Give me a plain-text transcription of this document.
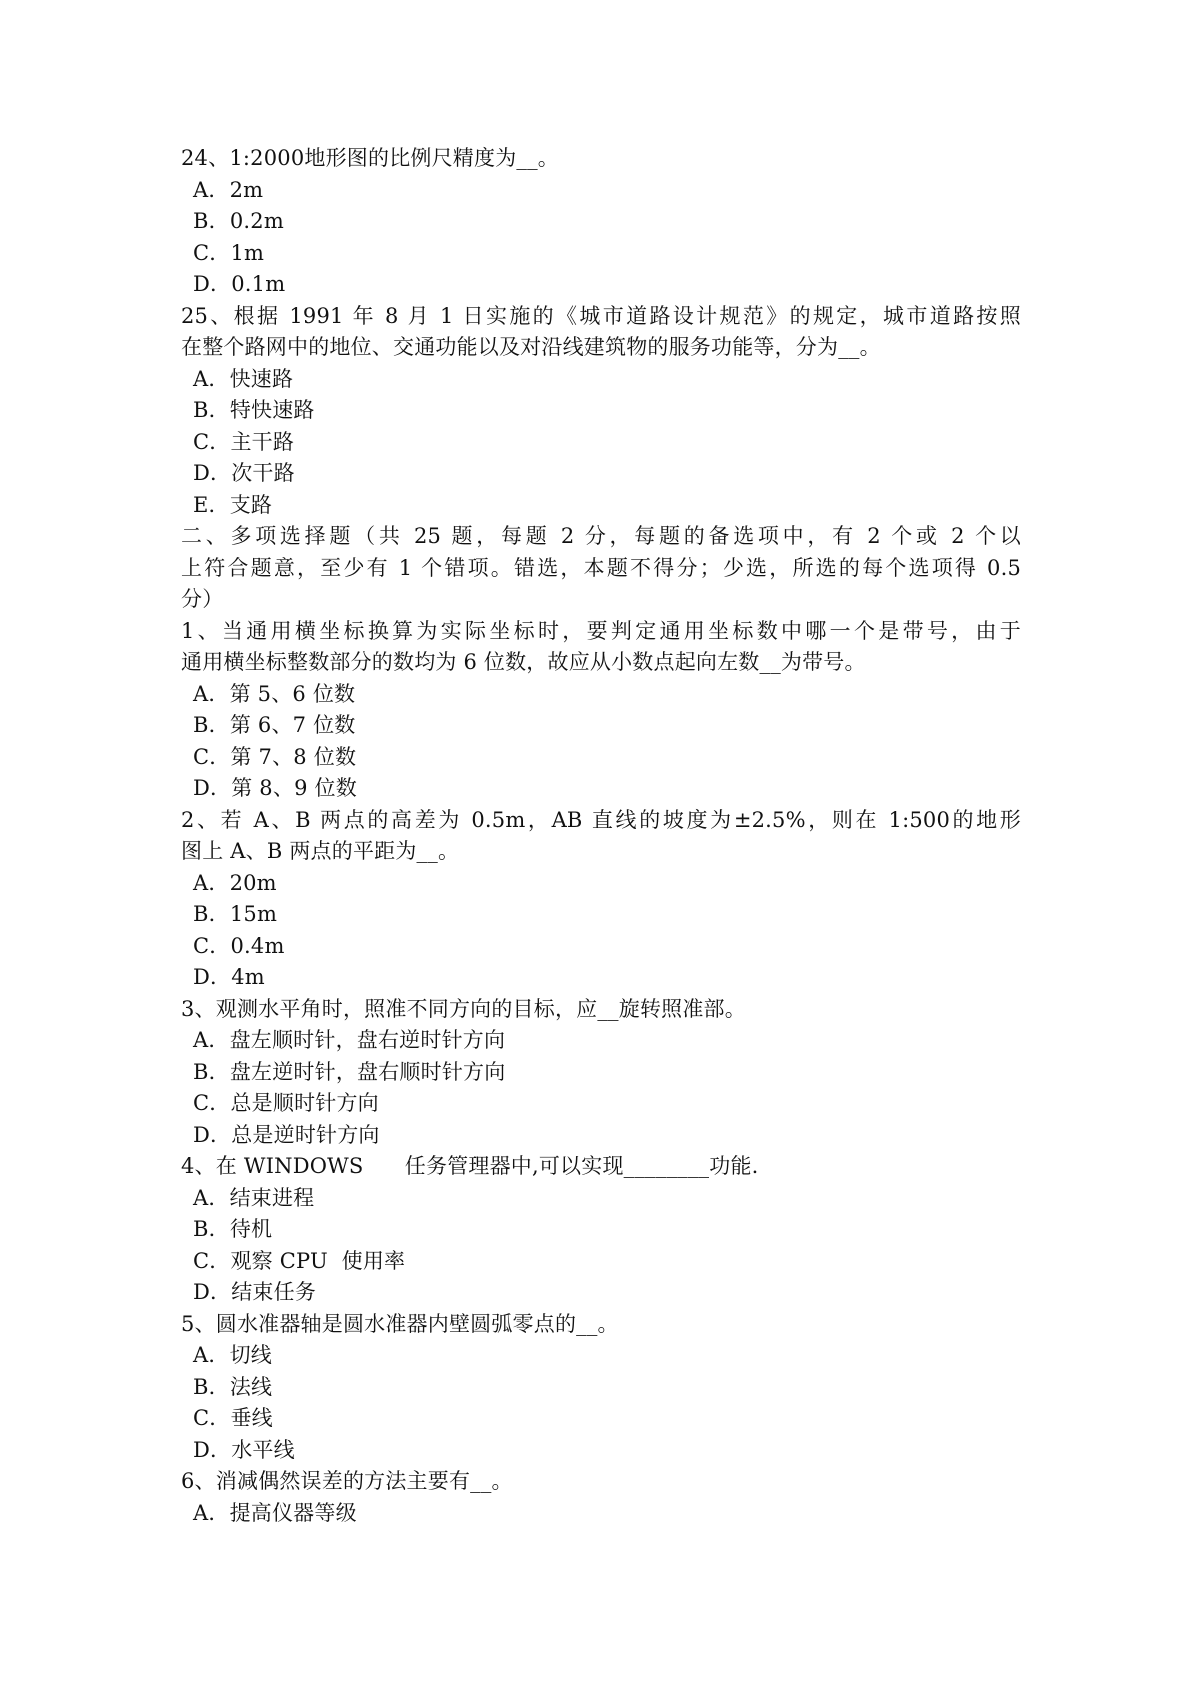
24、1:2000地形图的比例尺精度为__。
A．2m
B．0.2m
C．1m
D．0.1m
25、根据 1991 年 8 月 1 日实施的《城市道路设计规范》的规定，城市道路按照
在整个路网中的地位、交通功能以及对沿线建筑物的服务功能等，分为__。
A．快速路
B．特快速路
C．主干路
D．次干路
E．支路
二、多项选择题（共 25 题，每题 2 分，每题的备选项中，有 2 个或 2 个以
上符合题意，至少有 1 个错项。错选，本题不得分；少选，所选的每个选项得 0.5
分）
1、当通用横坐标换算为实际坐标时，要判定通用坐标数中哪一个是带号，由于
通用横坐标整数部分的数均为 6 位数，故应从小数点起向左数__为带号。
A．第 5、6 位数
B．第 6、7 位数
C．第 7、8 位数
D．第 8、9 位数
2、若 A、B 两点的高差为 0.5m，AB 直线的坡度为±2.5%，则在 1:500的地形
图上 A、B 两点的平距为__。
A．20m
B．15m
C．0.4m
D．4m
3、观测水平角时，照准不同方向的目标，应__旋转照准部。
A．盘左顺时针，盘右逆时针方向
B．盘左逆时针，盘右顺时针方向
C．总是顺时针方向
D．总是逆时针方向
4、在 WINDOWS      任务管理器中,可以实现________功能.
A．结束进程
B．待机
C．观察 CPU  使用率
D．结束任务
5、圆水准器轴是圆水准器内壁圆弧零点的__。
A．切线
B．法线
C．垂线
D．水平线
6、消减偶然误差的方法主要有__。
A．提高仪器等级
